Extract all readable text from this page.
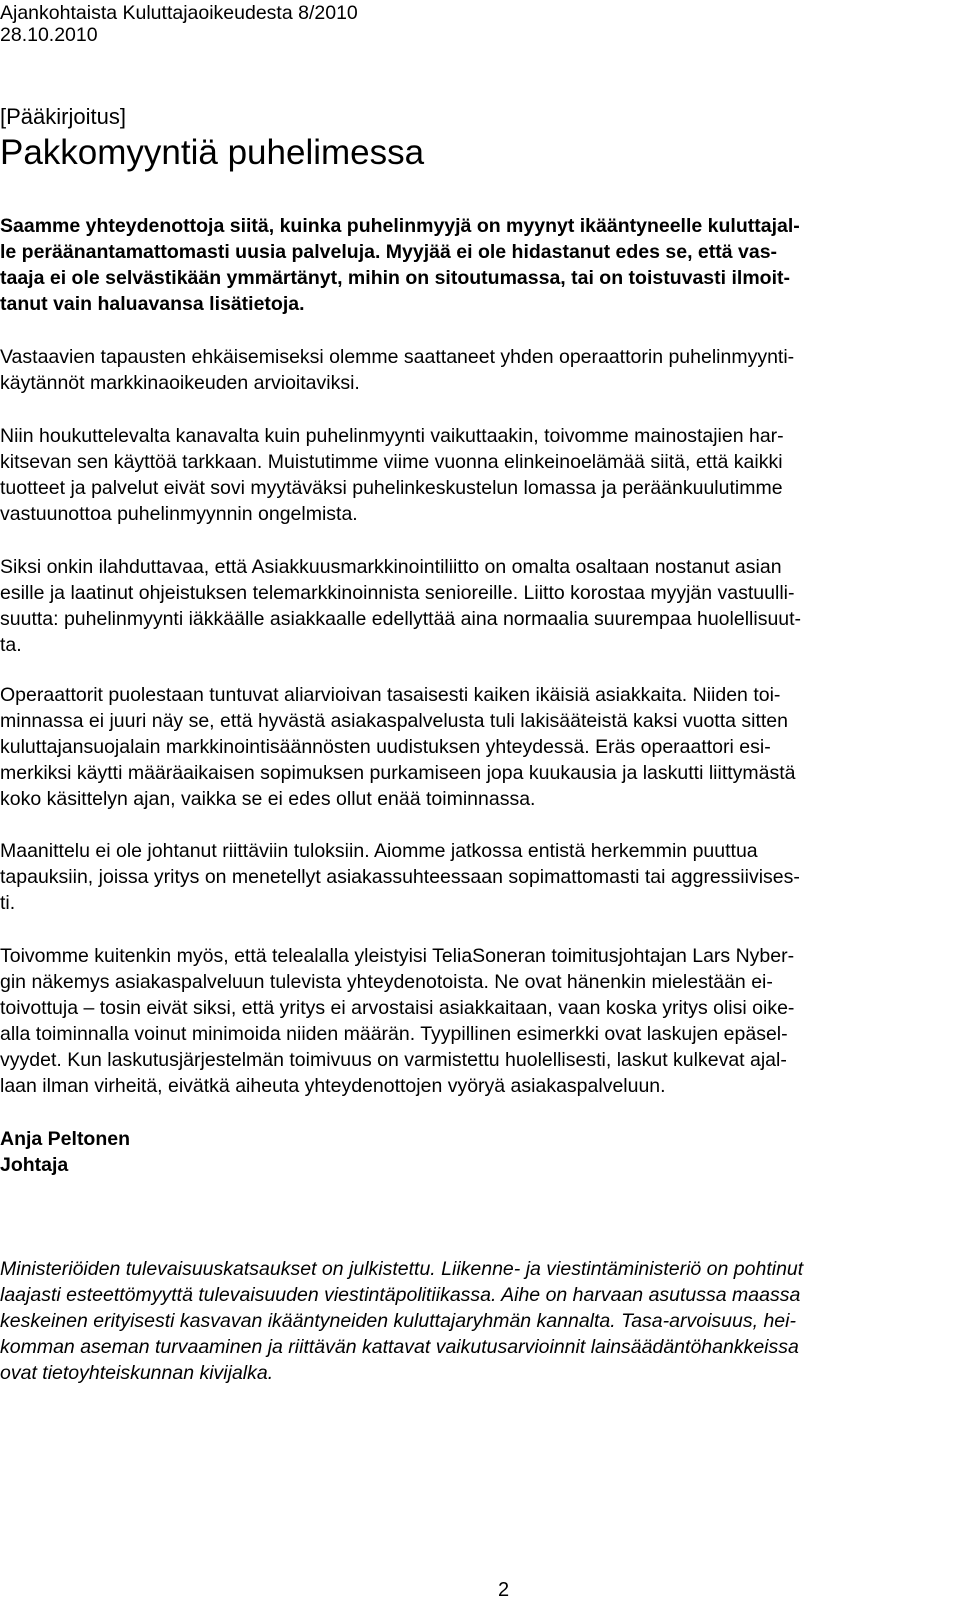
Ajankohtaista Kuluttajaoikeudesta 8/2010
28.10.2010
[Pääkirjoitus]
Pakkomyyntiä puhelimessa
Saamme yhteydenottoja siitä, kuinka puhelinmyyjä on myynyt ikääntyneelle kuluttajal-
le peräänantamattomasti uusia palveluja. Myyjää ei ole hidastanut edes se, että vas-
taaja ei ole selvästikään ymmärtänyt, mihin on sitoutumassa, tai on toistuvasti ilmoit-
tanut vain haluavansa lisätietoja.
Vastaavien tapausten ehkäisemiseksi olemme saattaneet yhden operaattorin puhelinmyynti-
käytännöt markkinaoikeuden arvioitaviksi.
Niin houkuttelevalta kanavalta kuin puhelinmyynti vaikuttaakin, toivomme mainostajien har-
kitsevan sen käyttöä tarkkaan. Muistutimme viime vuonna elinkeinoelämää siitä, että kaikki
tuotteet ja palvelut eivät sovi myytäväksi puhelinkeskustelun lomassa ja peräänkuulutimme
vastuunottoa puhelinmyynnin ongelmista.
Siksi onkin ilahduttavaa, että Asiakkuusmarkkinointiliitto on omalta osaltaan nostanut asian
esille ja laatinut ohjeistuksen telemarkkinoinnista senioreille. Liitto korostaa myyjän vastuulli-
suutta: puhelinmyynti iäkkäälle asiakkaalle edellyttää aina normaalia suurempaa huolellisuut-
ta.
Operaattorit puolestaan tuntuvat aliarvioivan tasaisesti kaiken ikäisiä asiakkaita. Niiden toi-
minnassa ei juuri näy se, että hyvästä asiakaspalvelusta tuli lakisääteistä kaksi vuotta sitten
kuluttajansuojalain markkinointisäännösten uudistuksen yhteydessä. Eräs operaattori esi-
merkiksi käytti määräaikaisen sopimuksen purkamiseen jopa kuukausia ja laskutti liittymästä
koko käsittelyn ajan, vaikka se ei edes ollut enää toiminnassa.
Maanittelu ei ole johtanut riittäviin tuloksiin. Aiomme jatkossa entistä herkemmin puuttua
tapauksiin, joissa yritys on menetellyt asiakassuhteessaan sopimattomasti tai aggressiivises-
ti.
Toivomme kuitenkin myös, että telealalla yleistyisi TeliaSoneran toimitusjohtajan Lars Nyber-
gin näkemys asiakaspalveluun tulevista yhteydenotoista. Ne ovat hänenkin mielestään ei-
toivottuja – tosin eivät siksi, että yritys ei arvostaisi asiakkaitaan, vaan koska yritys olisi oike-
alla toiminnalla voinut minimoida niiden määrän. Tyypillinen esimerkki ovat laskujen epäsel-
vyydet. Kun laskutusjärjestelmän toimivuus on varmistettu huolellisesti, laskut kulkevat ajal-
laan ilman virheitä, eivätkä aiheuta yhteydenottojen vyöryä asiakaspalveluun.
Anja Peltonen
Johtaja
Ministeriöiden tulevaisuuskatsaukset on julkistettu. Liikenne- ja viestintäministeriö on pohtinut
laajasti esteettömyyttä tulevaisuuden viestintäpolitiikassa. Aihe on harvaan asutussa maassa
keskeinen erityisesti kasvavan ikääntyneiden kuluttajaryhmän kannalta. Tasa-arvoisuus, hei-
komman aseman turvaaminen ja riittävän kattavat vaikutusarvioinnit lainsäädäntöhankkeissa
ovat tietoyhteiskunnan kivijalka.
2
